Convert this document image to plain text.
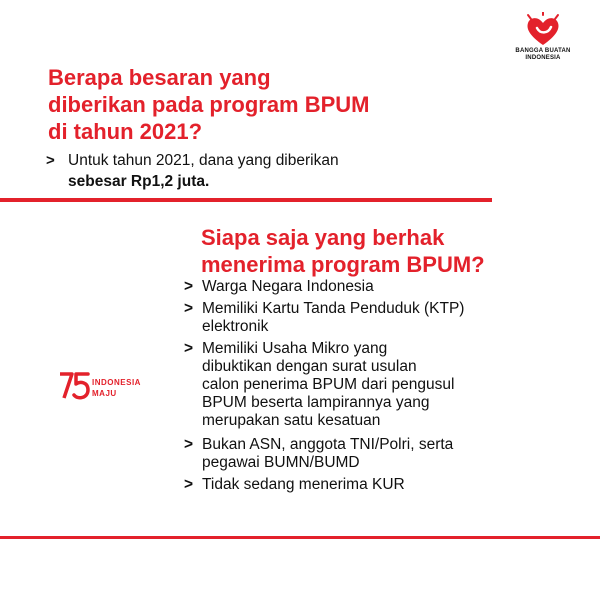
BANGGA BUATAN
INDONESIA
Berapa besaran yang
diberikan pada program BPUM
di tahun 2021?
> Untuk tahun 2021, dana yang diberikan
sebesar Rp1,2 juta.
Siapa saja yang berhak
menerima program BPUM?
> Warga Negara Indonesia
> Memiliki Kartu Tanda Penduduk (KTP)
elektronik
> Memiliki Usaha Mikro yang
dibuktikan dengan surat usulan
calon penerima BPUM dari pengusul
BPUM beserta lampirannya yang
merupakan satu kesatuan
> Bukan ASN, anggota TNI/Polri, serta
pegawai BUMN/BUMD
> Tidak sedang menerima KUR
INDONESIA
MAJU
